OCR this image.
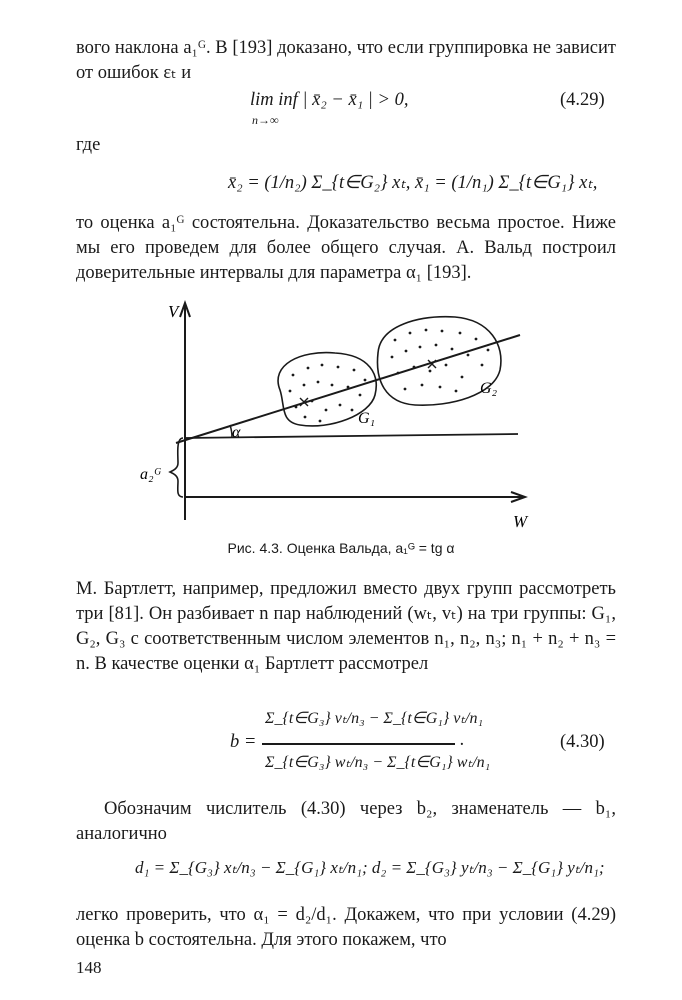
вого наклона a₁ᴳ. В [193] доказано, что если группировка не зависит от ошибок εₜ и
lim inf | x̄₂ − x̄₁ | > 0,
n→∞
(4.29)
где
x̄₂ = (1/n₂) Σ_{t∈G₂} xₜ, x̄₁ = (1/n₁) Σ_{t∈G₁} xₜ,
то оценка a₁ᴳ состоятельна. Доказательство весьма простое. Ниже мы его проведем для более общего случая. А. Вальд построил доверительные интервалы для параметра α₁ [193].
α
G₁
G₂
V
W
a₂ᴳ
Рис. 4.3. Оценка Вальда, a₁ᴳ = tg α
М. Бартлетт, например, предложил вместо двух групп рассмотреть три [81]. Он разбивает n пар наблюдений (wₜ, vₜ) на три группы: G₁, G₂, G₃ с соответственным числом элементов n₁, n₂, n₃; n₁ + n₂ + n₃ = n. В качестве оценки α₁ Бартлетт рассмотрел
b =
Σ_{t∈G₃} vₜ/n₃ − Σ_{t∈G₁} vₜ/n₁
Σ_{t∈G₃} wₜ/n₃ − Σ_{t∈G₁} wₜ/n₁
.	(4.30)
Обозначим числитель (4.30) через b₂, знаменатель — b₁, аналогично
d₁ = Σ_{G₃} xₜ/n₃ − Σ_{G₁} xₜ/n₁; d₂ = Σ_{G₃} yₜ/n₃ − Σ_{G₁} yₜ/n₁;
легко проверить, что α₁ = d₂/d₁. Докажем, что при условии (4.29) оценка b состоятельна. Для этого покажем, что
148
